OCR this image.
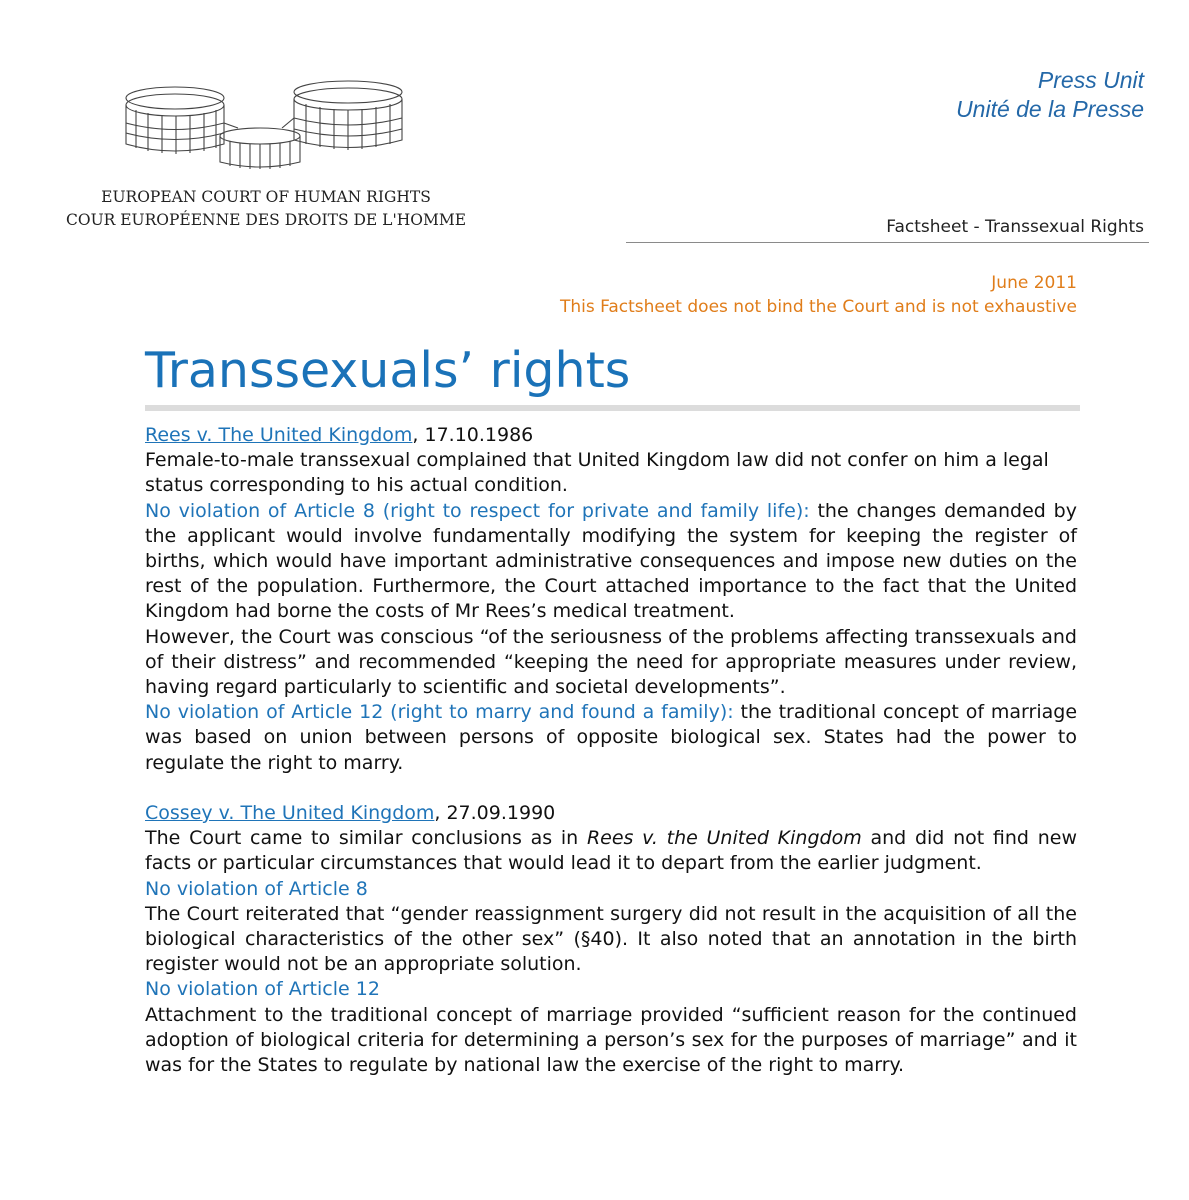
EUROPEAN COURT OF HUMAN RIGHTS
COUR EUROPÉENNE DES DROITS DE L'HOMME
Press Unit
Unité de la Presse
Factsheet - Transsexual Rights
June 2011
This Factsheet does not bind the Court and is not exhaustive
Transsexuals’ rights

Rees v. The United Kingdom, 17.10.1986

Female-to-male transsexual complained that United Kingdom law did not confer on him a legal status corresponding to his actual condition.

No violation of Article 8 (right to respect for private and family life): the changes demanded by the applicant would involve fundamentally modifying the system for keeping the register of births, which would have important administrative consequences and impose new duties on the rest of the population. Furthermore, the Court attached importance to the fact that the United Kingdom had borne the costs of Mr Rees’s medical treatment.

However, the Court was conscious “of the seriousness of the problems affecting transsexuals and of their distress” and recommended “keeping the need for appropriate measures under review, having regard particularly to scientific and societal developments”.

No violation of Article 12 (right to marry and found a family): the traditional concept of marriage was based on union between persons of opposite biological sex. States had the power to regulate the right to marry.

Cossey v. The United Kingdom, 27.09.1990

The Court came to similar conclusions as in Rees v. the United Kingdom and did not find new facts or particular circumstances that would lead it to depart from the earlier judgment.

No violation of Article 8

The Court reiterated that “gender reassignment surgery did not result in the acquisition of all the biological characteristics of the other sex” (§40). It also noted that an annotation in the birth register would not be an appropriate solution.

No violation of Article 12

Attachment to the traditional concept of marriage provided “sufficient reason for the continued adoption of biological criteria for determining a person’s sex for the purposes of marriage” and it was for the States to regulate by national law the exercise of the right to marry.
